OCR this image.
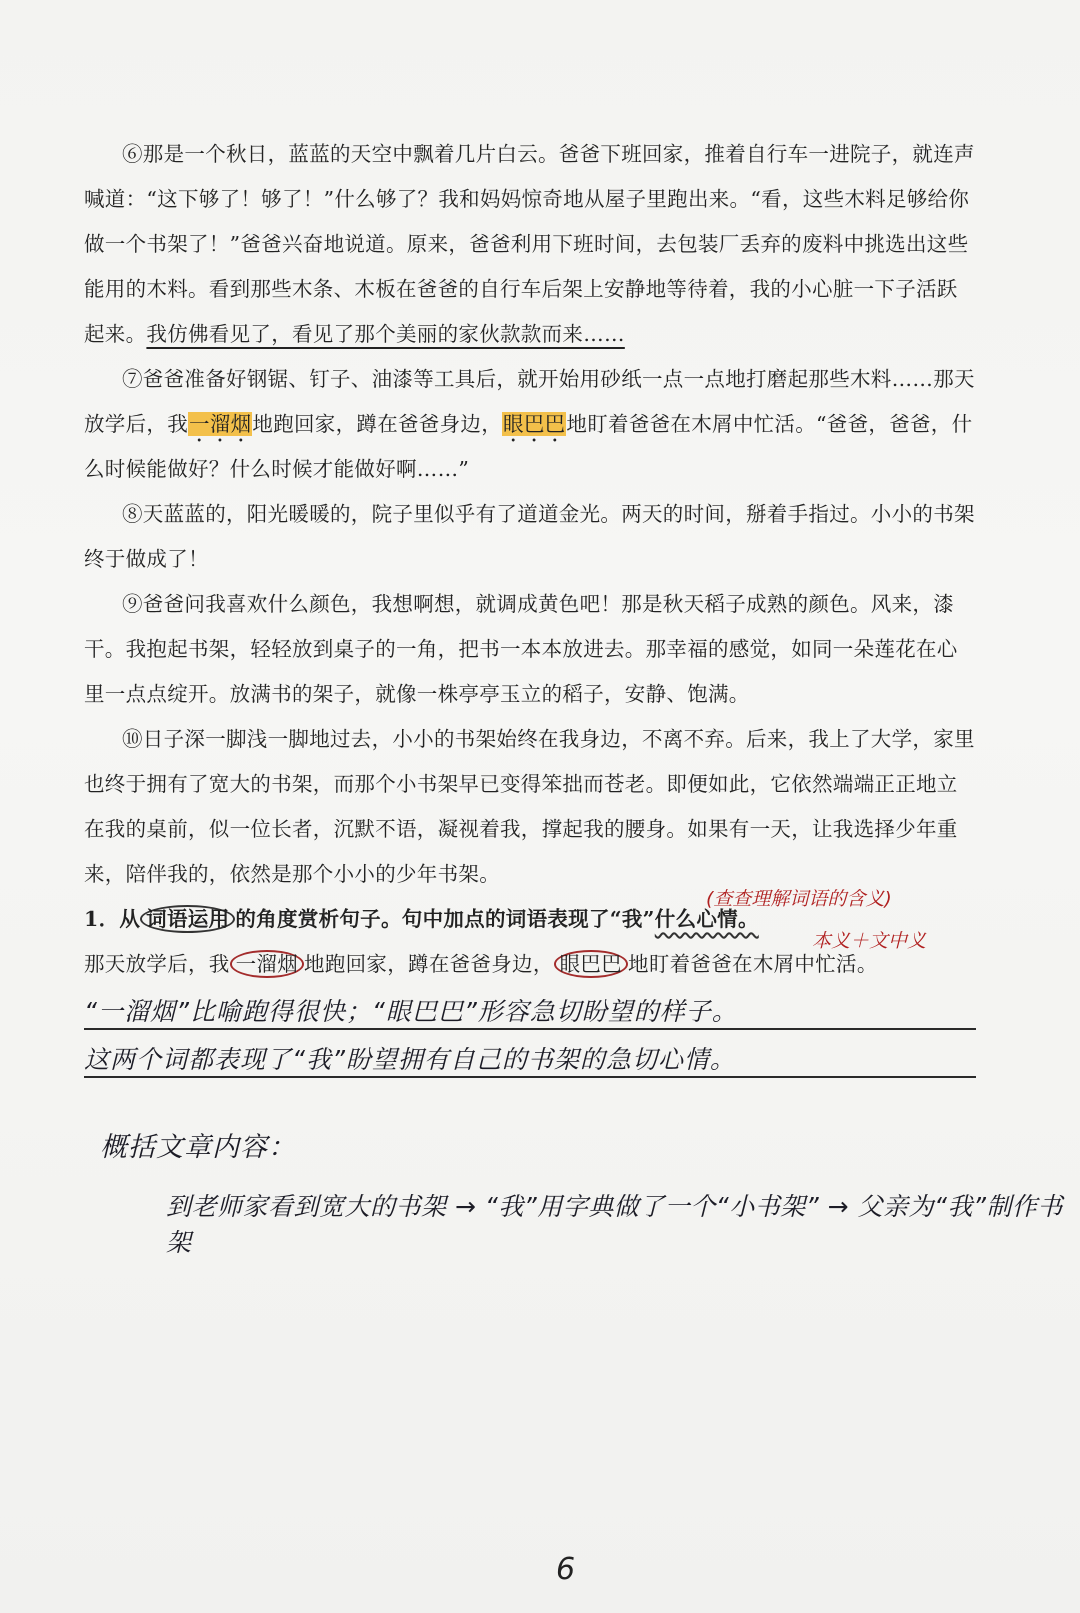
⑥那是一个秋日，蓝蓝的天空中飘着几片白云。爸爸下班回家，推着自行车一进院子，就连声喊道：“这下够了！够了！”什么够了？我和妈妈惊奇地从屋子里跑出来。“看，这些木料足够给你做一个书架了！”爸爸兴奋地说道。原来，爸爸利用下班时间，去包装厂丢弃的废料中挑选出这些能用的木料。看到那些木条、木板在爸爸的自行车后架上安静地等待着，我的小心脏一下子活跃起来。我仿佛看见了，看见了那个美丽的家伙款款而来……

⑦爸爸准备好钢锯、钉子、油漆等工具后，就开始用砂纸一点一点地打磨起那些木料……那天放学后，我一溜烟地跑回家，蹲在爸爸身边，眼巴巴地盯着爸爸在木屑中忙活。“爸爸，爸爸，什么时候能做好？什么时候才能做好啊……”

⑧天蓝蓝的，阳光暖暖的，院子里似乎有了道道金光。两天的时间，掰着手指过。小小的书架终于做成了！

⑨爸爸问我喜欢什么颜色，我想啊想，就调成黄色吧！那是秋天稻子成熟的颜色。风来，漆干。我抱起书架，轻轻放到桌子的一角，把书一本本放进去。那幸福的感觉，如同一朵莲花在心里一点点绽开。放满书的架子，就像一株亭亭玉立的稻子，安静、饱满。

⑩日子深一脚浅一脚地过去，小小的书架始终在我身边，不离不弃。后来，我上了大学，家里也终于拥有了宽大的书架，而那个小书架早已变得笨拙而苍老。即便如此，它依然端端正正地立在我的桌前，似一位长者，沉默不语，凝视着我，撑起我的腰身。如果有一天，让我选择少年重来，陪伴我的，依然是那个小小的少年书架。

1．从 词语运用 的角度赏析句子。句中加点的词语表现了“我”什么心情。

那天放学后，我 一溜烟 地跑回家，蹲在爸爸身边， 眼巴巴 地盯着爸爸在木屑中忙活。

(查查理解词语的含义)
本义＋文中义
“一溜烟”比喻跑得很快；“眼巴巴”形容急切盼望的样子。
这两个词都表现了“我”盼望拥有自己的书架的急切心情。
概括文章内容：
到老师家看到宽大的书架 → “我”用字典做了一个“小书架” → 父亲为“我”制作书架
6
